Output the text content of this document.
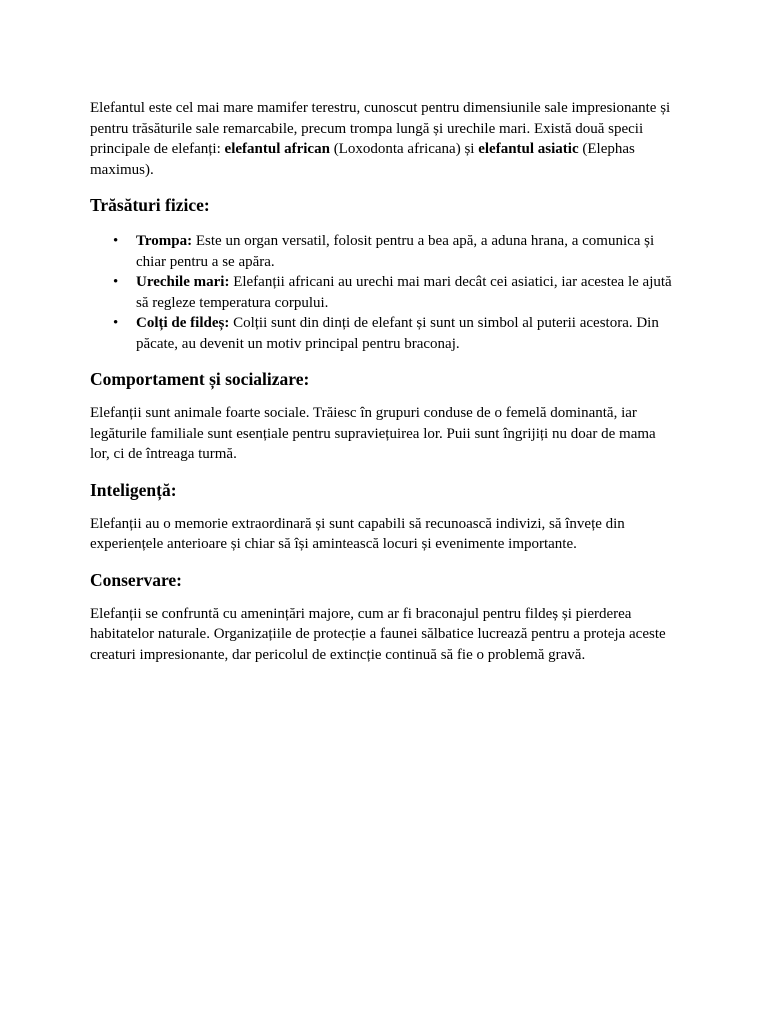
Elefantul este cel mai mare mamifer terestru, cunoscut pentru dimensiunile sale impresionante și pentru trăsăturile sale remarcabile, precum trompa lungă și urechile mari. Există două specii principale de elefanți: elefantul african (Loxodonta africana) și elefantul asiatic (Elephas maximus).

Trăsături fizice:
• Trompa: Este un organ versatil, folosit pentru a bea apă, a aduna hrana, a comunica și chiar pentru a se apăra.
• Urechile mari: Elefanții africani au urechi mai mari decât cei asiatici, iar acestea le ajută să regleze temperatura corpului.
• Colți de fildeș: Colții sunt din dinți de elefant și sunt un simbol al puterii acestora. Din păcate, au devenit un motiv principal pentru braconaj.
Comportament și socializare:

Elefanții sunt animale foarte sociale. Trăiesc în grupuri conduse de o femelă dominantă, iar legăturile familiale sunt esențiale pentru supraviețuirea lor. Puii sunt îngrijiți nu doar de mama lor, ci de întreaga turmă.

Inteligență:

Elefanții au o memorie extraordinară și sunt capabili să recunoască indivizi, să învețe din experiențele anterioare și chiar să își amintească locuri și evenimente importante.

Conservare:

Elefanții se confruntă cu amenințări majore, cum ar fi braconajul pentru fildeș și pierderea habitatelor naturale. Organizațiile de protecție a faunei sălbatice lucrează pentru a proteja aceste creaturi impresionante, dar pericolul de extincție continuă să fie o problemă gravă.
